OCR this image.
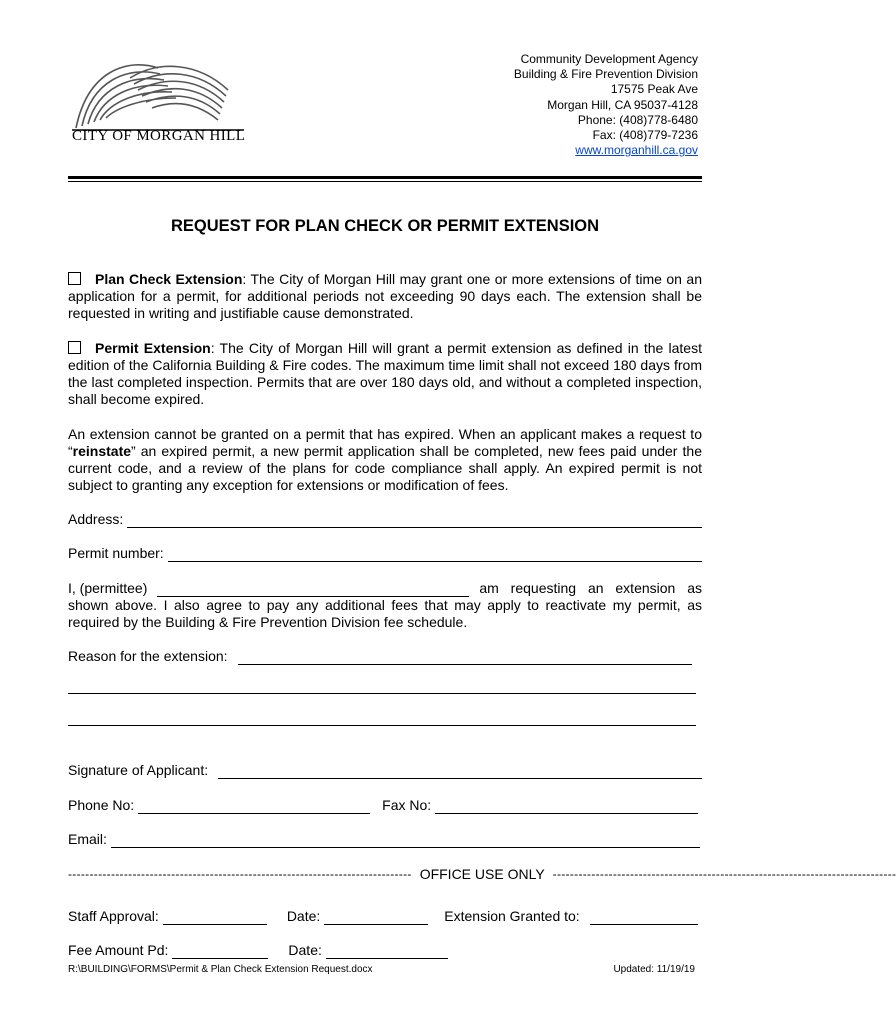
CITY OF MORGAN HILL
Community Development Agency
Building & Fire Prevention Division
17575 Peak Ave
Morgan Hill, CA 95037-4128
Phone: (408)778-6480
Fax: (408)779-7236
www.morganhill.ca.gov
REQUEST FOR PLAN CHECK OR PERMIT EXTENSION
Plan Check Extension: The City of Morgan Hill may grant one or more extensions of time on an application for a permit, for additional periods not exceeding 90 days each. The extension shall be requested in writing and justifiable cause demonstrated.
Permit Extension: The City of Morgan Hill will grant a permit extension as defined in the latest edition of the California Building & Fire codes. The maximum time limit shall not exceed 180 days from the last completed inspection. Permits that are over 180 days old, and without a completed inspection, shall become expired.
An extension cannot be granted on a permit that has expired. When an applicant makes a request to “reinstate” an expired permit, a new permit application shall be completed, new fees paid under the current code, and a review of the plans for code compliance shall apply. An expired permit is not subject to granting any exception for extensions or modification of fees.
Address:
Permit number:
I, (permittee)	am requesting an extension as
shown above. I also agree to pay any additional fees that may apply to reactivate my permit, as required by the Building & Fire Prevention Division fee schedule.
Reason for the extension:
Signature of Applicant:
Phone No:	Fax No:
Email:
-------------------------------------------------------------------------------- OFFICE USE ONLY --------------------------------------------------------------------------------
Staff Approval:	Date:	Extension Granted to:
Fee Amount Pd:	Date:
R:\BUILDING\FORMS\Permit & Plan Check Extension Request.docx	Updated: 11/19/19
